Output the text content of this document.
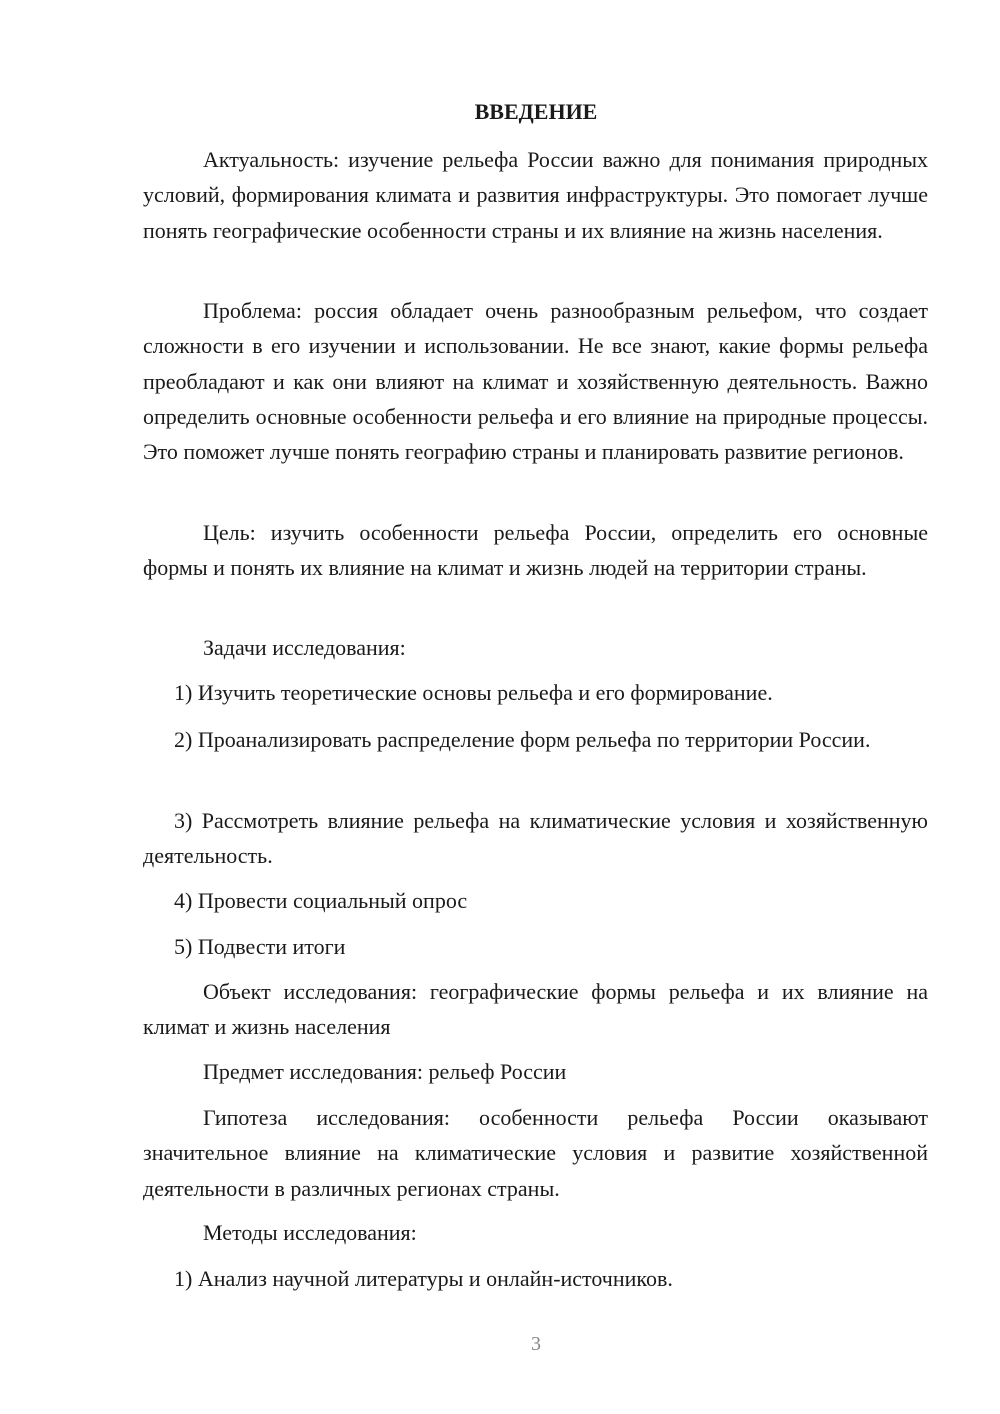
ВВЕДЕНИЕ

Актуальность: изучение рельефа России важно для понимания природных условий, формирования климата и развития инфраструктуры. Это помогает лучше понять географические особенности страны и их влияние на жизнь населения.

Проблема: россия обладает очень разнообразным рельефом, что создает сложности в его изучении и использовании. Не все знают, какие формы рельефа преобладают и как они влияют на климат и хозяйственную деятельность. Важно определить основные особенности рельефа и его влияние на природные процессы. Это поможет лучше понять географию страны и планировать развитие регионов.

Цель: изучить особенности рельефа России, определить его основные формы и понять их влияние на климат и жизнь людей на территории страны.

Задачи исследования:

1) Изучить теоретические основы рельефа и его формирование.

2) Проанализировать распределение форм рельефа по территории России.

3) Рассмотреть влияние рельефа на климатические условия и хозяйственную деятельность.

4) Провести социальный опрос

5) Подвести итоги

Объект исследования: географические формы рельефа и их влияние на климат и жизнь населения

Предмет исследования: рельеф России

Гипотеза исследования: особенности рельефа России оказывают значительное влияние на климатические условия и развитие хозяйственной деятельности в различных регионах страны.

Методы исследования:

1) Анализ научной литературы и онлайн-источников.

3
